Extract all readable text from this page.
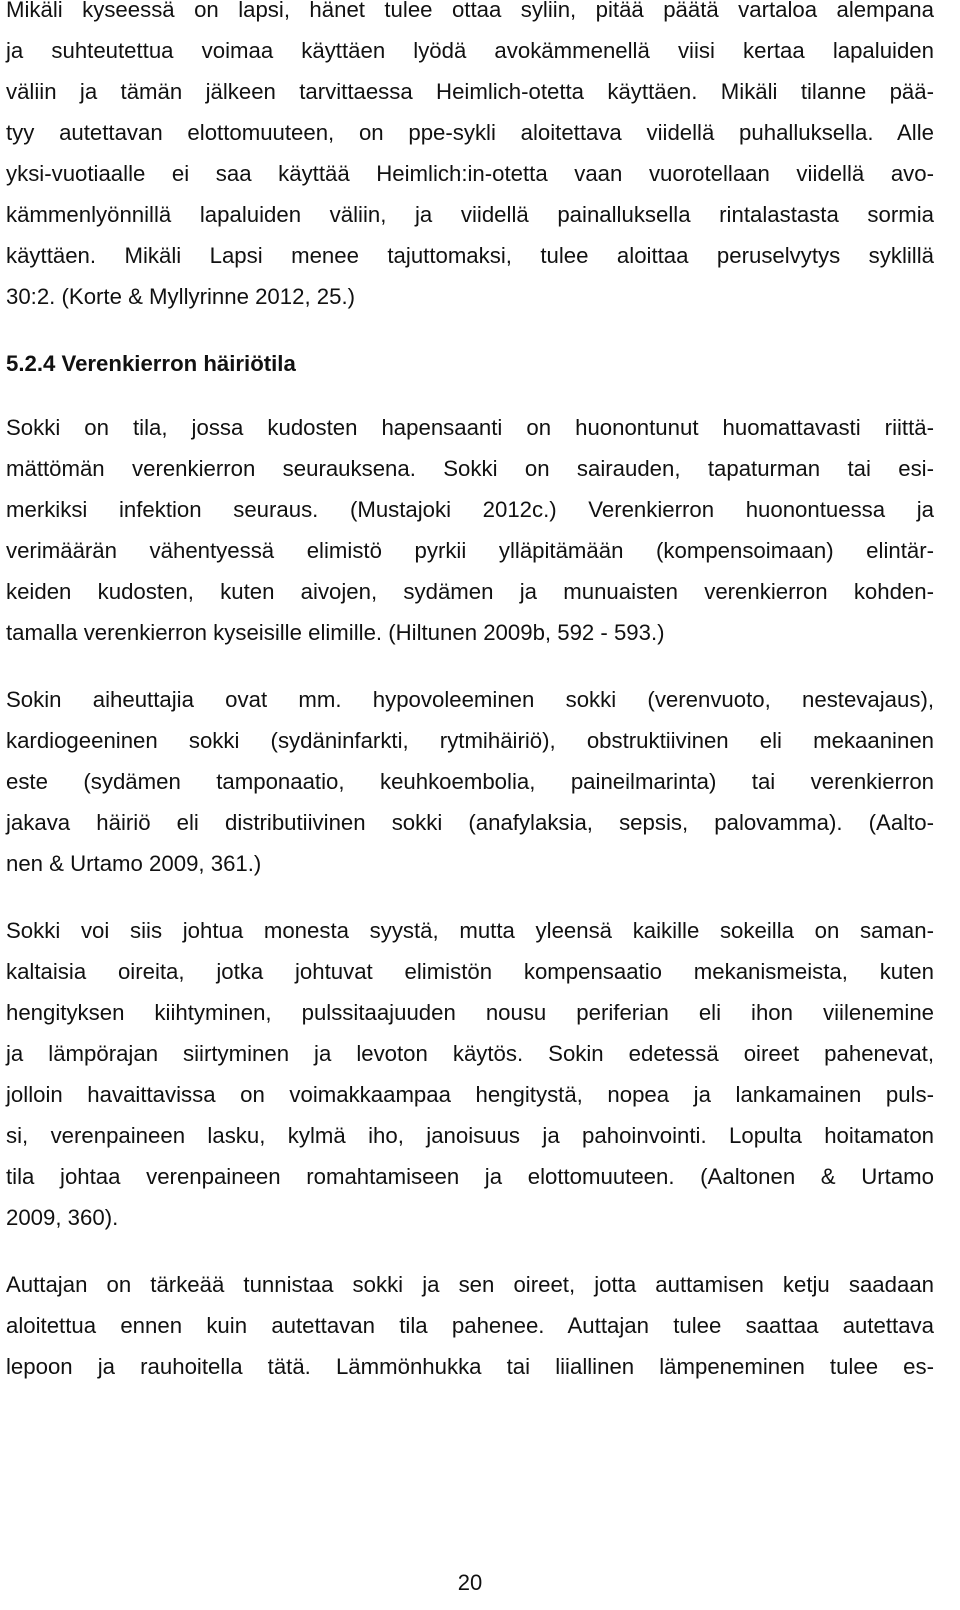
Mikäli kyseessä on lapsi, hänet tulee ottaa syliin, pitää päätä vartaloa alempana
ja suhteutettua voimaa käyttäen lyödä avokämmenellä viisi kertaa lapaluiden
väliin ja tämän jälkeen tarvittaessa Heimlich-otetta käyttäen. Mikäli tilanne pää-
tyy autettavan elottomuuteen, on ppe-sykli aloitettava viidellä puhalluksella. Alle
yksi-vuotiaalle ei saa käyttää Heimlich:in-otetta vaan vuorotellaan viidellä avo-
kämmenlyönnillä lapaluiden väliin, ja viidellä painalluksella rintalastasta sormia
käyttäen. Mikäli Lapsi menee tajuttomaksi, tulee aloittaa peruselvytys syklillä
30:2. (Korte & Myllyrinne 2012, 25.)
5.2.4 Verenkierron häiriötila
Sokki on tila, jossa kudosten hapensaanti on huonontunut huomattavasti riittä-
mättömän verenkierron seurauksena. Sokki on sairauden, tapaturman tai esi-
merkiksi infektion seuraus. (Mustajoki 2012c.) Verenkierron huonontuessa ja
verimäärän vähentyessä elimistö pyrkii ylläpitämään (kompensoimaan) elintär-
keiden kudosten, kuten aivojen, sydämen ja munuaisten verenkierron kohden-
tamalla verenkierron kyseisille elimille. (Hiltunen 2009b, 592 - 593.)
Sokin aiheuttajia ovat mm. hypovoleeminen sokki (verenvuoto, nestevajaus),
kardiogeeninen sokki (sydäninfarkti, rytmihäiriö), obstruktiivinen eli mekaaninen
este (sydämen tamponaatio, keuhkoembolia, paineilmarinta) tai verenkierron
jakava häiriö eli distributiivinen sokki (anafylaksia, sepsis, palovamma). (Aalto-
nen & Urtamo 2009, 361.)
Sokki voi siis johtua monesta syystä, mutta yleensä kaikille sokeilla on saman-
kaltaisia oireita, jotka johtuvat elimistön kompensaatio mekanismeista, kuten
hengityksen kiihtyminen, pulssitaajuuden nousu periferian eli ihon viilenemine
ja lämpörajan siirtyminen ja levoton käytös. Sokin edetessä oireet pahenevat,
jolloin havaittavissa on voimakkaampaa hengitystä, nopea ja lankamainen puls-
si, verenpaineen lasku, kylmä iho, janoisuus ja pahoinvointi. Lopulta hoitamaton
tila johtaa verenpaineen romahtamiseen ja elottomuuteen. (Aaltonen & Urtamo
2009, 360).
Auttajan on tärkeää tunnistaa sokki ja sen oireet, jotta auttamisen ketju saadaan
aloitettua ennen kuin autettavan tila pahenee. Auttajan tulee saattaa autettava
lepoon ja rauhoitella tätä. Lämmönhukka tai liiallinen lämpeneminen tulee es-
20
